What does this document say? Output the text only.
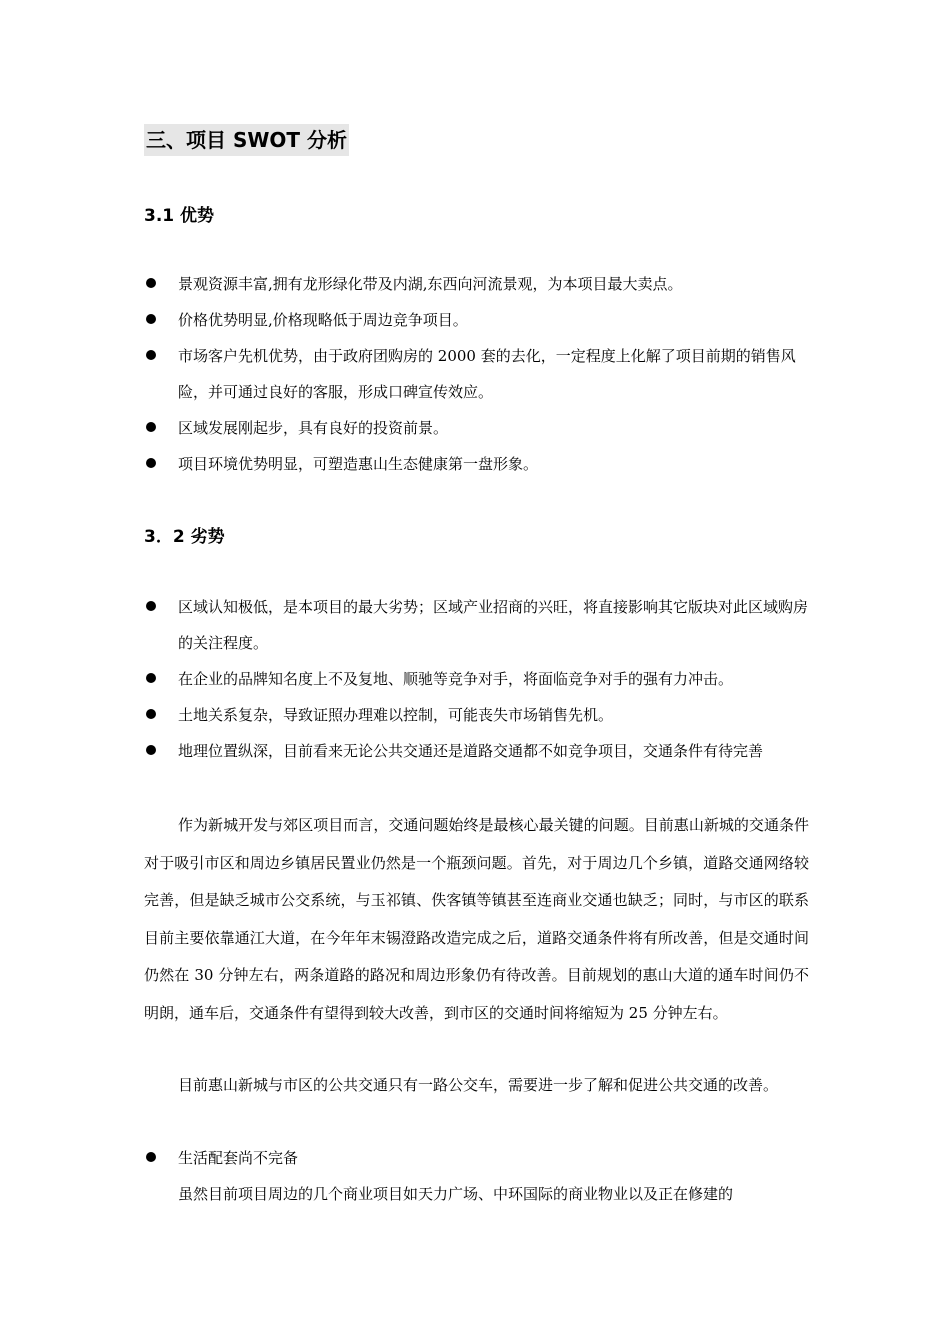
三、项目 SWOT 分析
3.1 优势

景观资源丰富,拥有龙形绿化带及内湖,东西向河流景观，为本项目最大卖点。

价格优势明显,价格现略低于周边竞争项目。

市场客户先机优势，由于政府团购房的 2000 套的去化，一定程度上化解了项目前期的销售风险，并可通过良好的客服，形成口碑宣传效应。

区域发展刚起步，具有良好的投资前景。

项目环境优势明显，可塑造惠山生态健康第一盘形象。

3．2 劣势

区域认知极低，是本项目的最大劣势；区域产业招商的兴旺，将直接影响其它版块对此区域购房的关注程度。

在企业的品牌知名度上不及复地、顺驰等竞争对手，将面临竞争对手的强有力冲击。

土地关系复杂，导致证照办理难以控制，可能丧失市场销售先机。

地理位置纵深，目前看来无论公共交通还是道路交通都不如竞争项目，交通条件有待完善

作为新城开发与郊区项目而言，交通问题始终是最核心最关键的问题。目前惠山新城的交通条件对于吸引市区和周边乡镇居民置业仍然是一个瓶颈问题。首先，对于周边几个乡镇，道路交通网络较完善，但是缺乏城市公交系统，与玉祁镇、佚客镇等镇甚至连商业交通也缺乏；同时，与市区的联系目前主要依靠通江大道，在今年年末锡澄路改造完成之后，道路交通条件将有所改善，但是交通时间仍然在 30 分钟左右，两条道路的路况和周边形象仍有待改善。目前规划的惠山大道的通车时间仍不明朗，通车后，交通条件有望得到较大改善，到市区的交通时间将缩短为 25 分钟左右。

目前惠山新城与市区的公共交通只有一路公交车，需要进一步了解和促进公共交通的改善。

生活配套尚不完备

虽然目前项目周边的几个商业项目如天力广场、中环国际的商业物业以及正在修建的
